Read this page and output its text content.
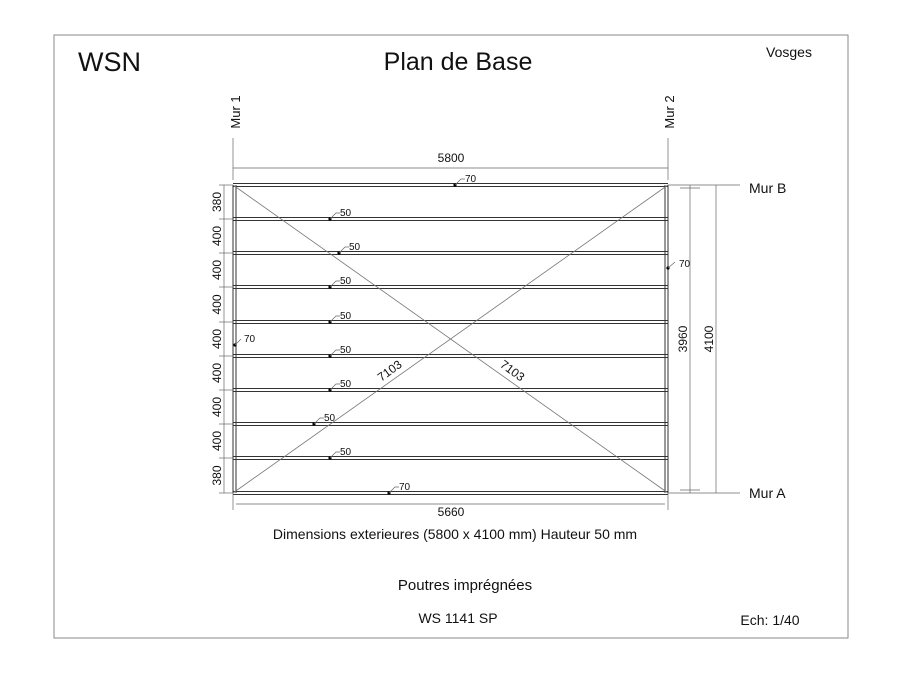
WSN	Plan de Base	Vosges
Mur 1	Mur 2
5800
70
50
50
50
50
50
50
50
50
70
7103	7103
70
70
380
400
400
400
400
400
400
400
380
3960 4100
Mur B
Mur A
5660
Dimensions exterieures (5800 x 4100 mm) Hauteur 50 mm
Poutres imprégnées
WS 1141 SP	Ech: 1/40
